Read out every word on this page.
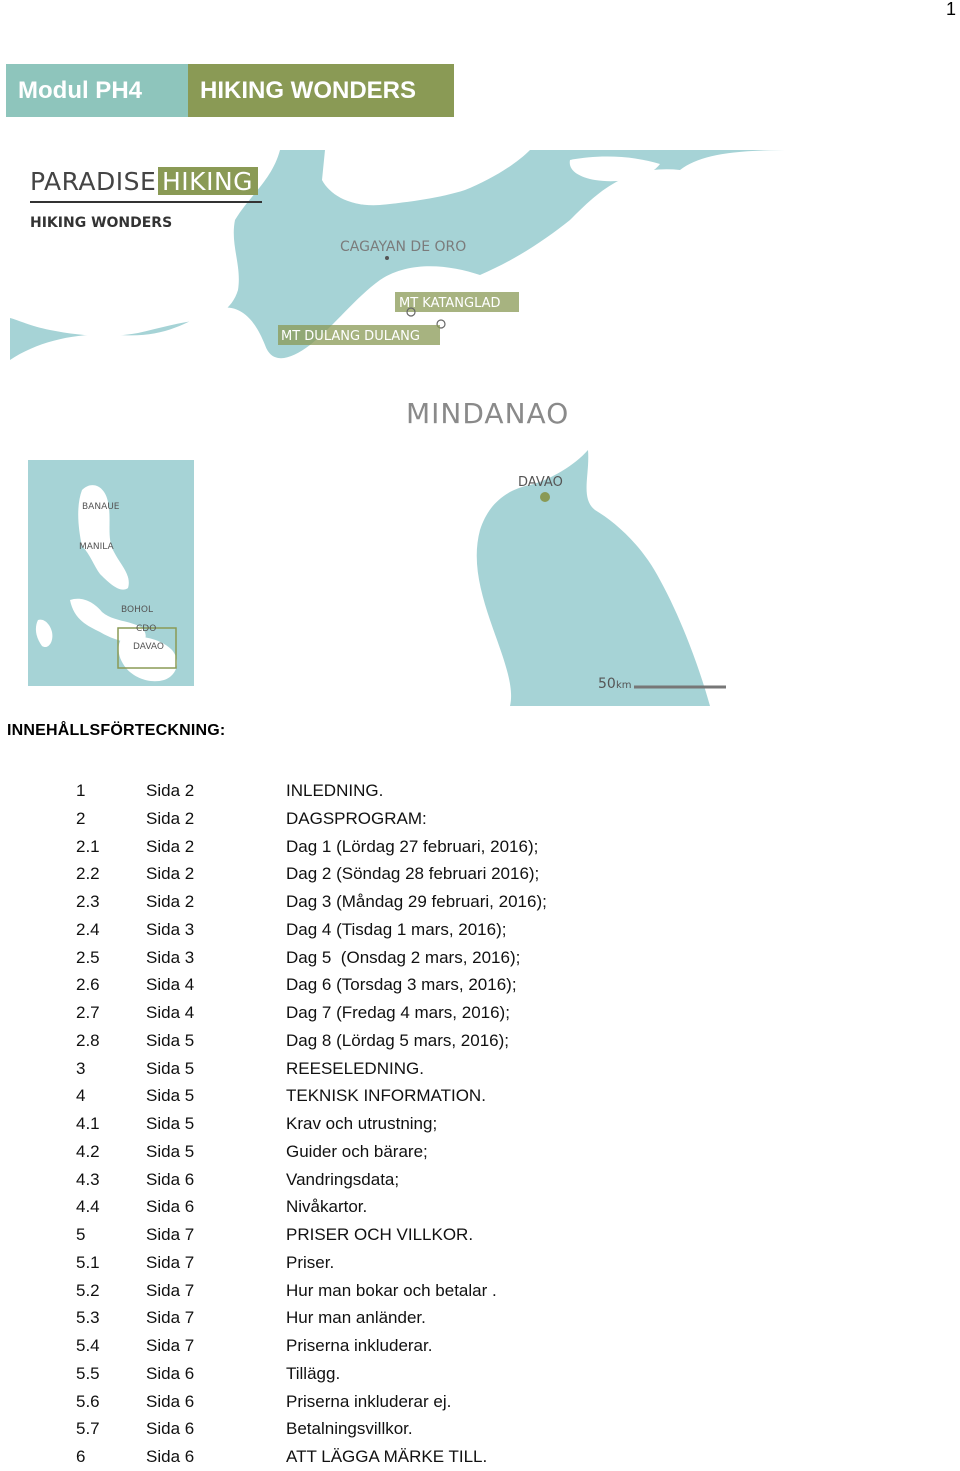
1
Modul PH4	HIKING WONDERS
BANAUE
MANILA
BOHOL
CDO
DAVAO
PARADISE HIKING
HIKING WONDERS
CAGAYAN DE ORO
MT KATANGLAD
MT DULANG DULANG
MINDANAO
DAVAO
50 km
INNEHÅLLSFÖRTECKNING:
1	Sida 2	INLEDNING.
2	Sida 2	DAGSPROGRAM:
2.1	Sida 2	Dag 1 (Lördag 27 februari, 2016);
2.2	Sida 2	Dag 2 (Söndag 28 februari 2016);
2.3	Sida 2	Dag 3 (Måndag 29 februari, 2016);
2.4	Sida 3	Dag 4 (Tisdag 1 mars, 2016);
2.5	Sida 3	Dag 5  (Onsdag 2 mars, 2016);
2.6	Sida 4	Dag 6 (Torsdag 3 mars, 2016);
2.7	Sida 4	Dag 7 (Fredag 4 mars, 2016);
2.8	Sida 5	Dag 8 (Lördag 5 mars, 2016);
3	Sida 5	REESELEDNING.
4	Sida 5	TEKNISK INFORMATION.
4.1	Sida 5	Krav och utrustning;
4.2	Sida 5	Guider och bärare;
4.3	Sida 6	Vandringsdata;
4.4	Sida 6	Nivåkartor.
5	Sida 7	PRISER OCH VILLKOR.
5.1	Sida 7	Priser.
5.2	Sida 7	Hur man bokar och betalar .
5.3	Sida 7	Hur man anländer.
5.4	Sida 7	Priserna inkluderar.
5.5	Sida 6	Tillägg.
5.6	Sida 6	Priserna inkluderar ej.
5.7	Sida 6	Betalningsvillkor.
6	Sida 6	ATT LÄGGA MÄRKE TILL.
